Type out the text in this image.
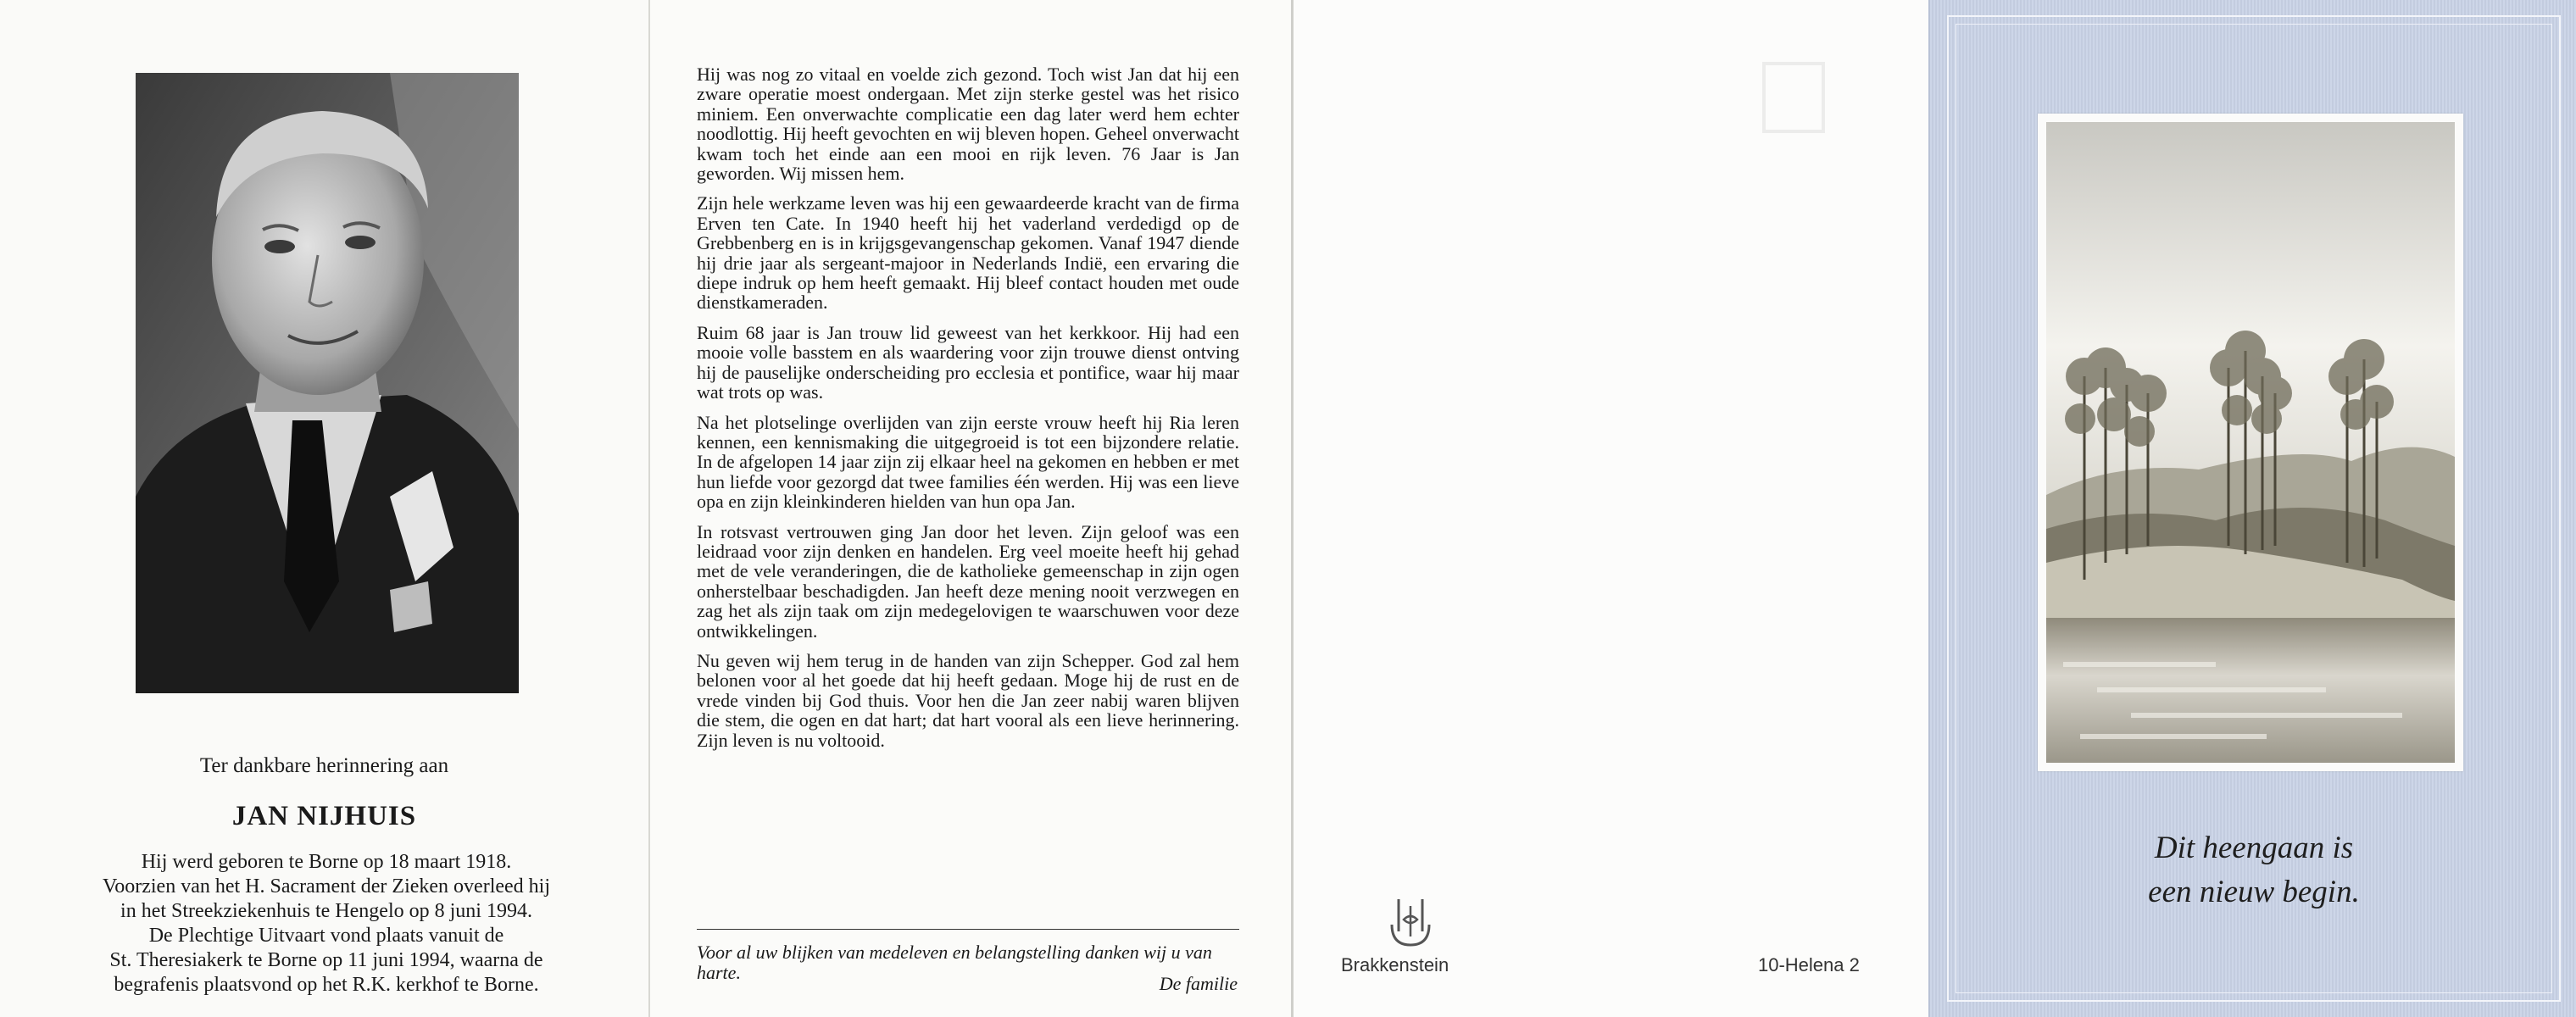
Ter dankbare herinnering aan
JAN NIJHUIS
Hij werd geboren te Borne op 18 maart 1918.
Voorzien van het H. Sacrament der Zieken overleed hij
in het Streekziekenhuis te Hengelo op 8 juni 1994.
De Plechtige Uitvaart vond plaats vanuit de
St. Theresiakerk te Borne op 11 juni 1994, waarna de
begrafenis plaatsvond op het R.K. kerkhof te Borne.

Hij was nog zo vitaal en voelde zich gezond. Toch wist Jan dat hij een zware operatie moest ondergaan. Met zijn sterke gestel was het risico miniem. Een onverwachte complicatie een dag later werd hem echter noodlottig. Hij heeft gevochten en wij bleven hopen. Geheel onverwacht kwam toch het einde aan een mooi en rijk leven. 76 Jaar is Jan geworden. Wij missen hem.

Zijn hele werkzame leven was hij een gewaardeerde kracht van de firma Erven ten Cate. In 1940 heeft hij het vaderland verdedigd op de Grebbenberg en is in krijgsgevangenschap gekomen. Vanaf 1947 diende hij drie jaar als sergeant-majoor in Nederlands Indië, een ervaring die diepe indruk op hem heeft gemaakt. Hij bleef contact houden met oude dienstkameraden.

Ruim 68 jaar is Jan trouw lid geweest van het kerkkoor. Hij had een mooie volle basstem en als waardering voor zijn trouwe dienst ontving hij de pauselijke onderscheiding pro ecclesia et pontifice, waar hij maar wat trots op was.

Na het plotselinge overlijden van zijn eerste vrouw heeft hij Ria leren kennen, een kennismaking die uitgegroeid is tot een bijzondere relatie. In de afgelopen 14 jaar zijn zij elkaar heel na gekomen en hebben er met hun liefde voor gezorgd dat twee families één werden. Hij was een lieve opa en zijn kleinkinderen hielden van hun opa Jan.

In rotsvast vertrouwen ging Jan door het leven. Zijn geloof was een leidraad voor zijn denken en handelen. Erg veel moeite heeft hij gehad met de vele veranderingen, die de katholieke gemeenschap in zijn ogen onherstelbaar beschadigden. Jan heeft deze mening nooit verzwegen en zag het als zijn taak om zijn medegelovigen te waarschuwen voor deze ontwikkelingen.

Nu geven wij hem terug in de handen van zijn Schepper. God zal hem belonen voor al het goede dat hij heeft gedaan. Moge hij de rust en de vrede vinden bij God thuis. Voor hen die Jan zeer nabij waren blijven die stem, die ogen en dat hart; dat hart vooral als een lieve herinnering. Zijn leven is nu voltooid.

Voor al uw blijken van medeleven en belangstelling danken wij u van harte.
De familie
Brakkenstein	10-Helena 2
Dit heengaan is
een nieuw begin.
